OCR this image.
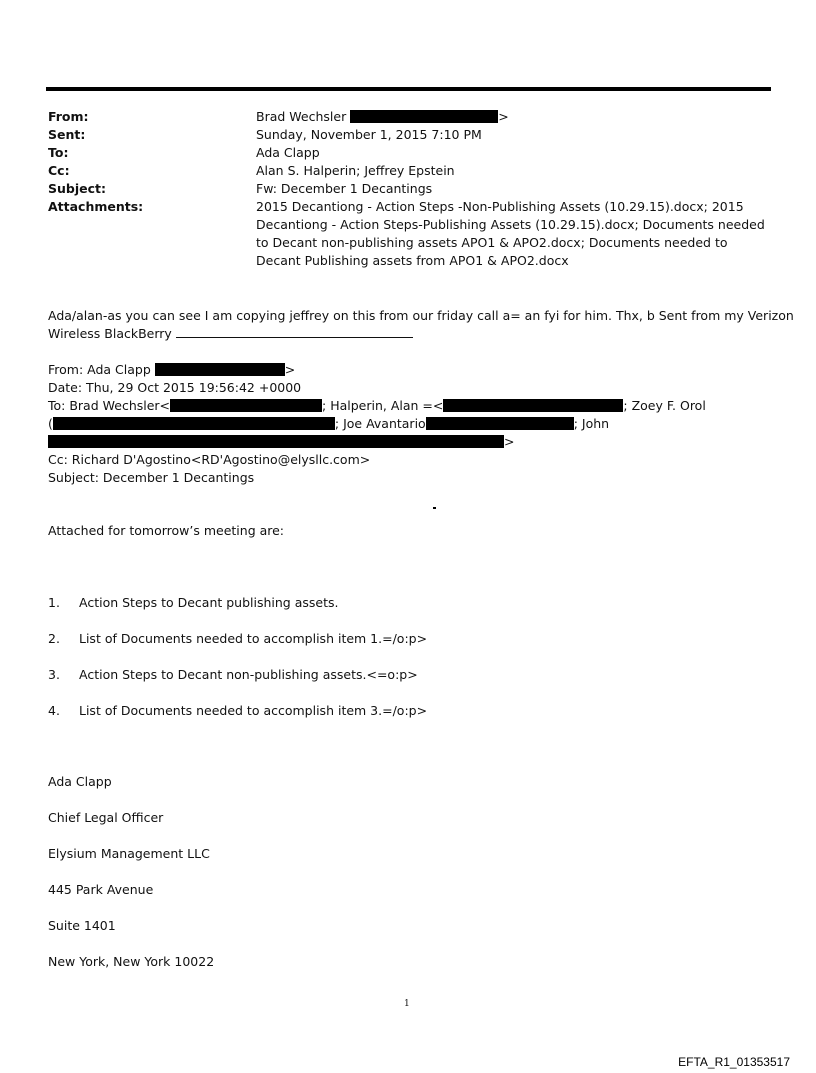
From:	Brad Wechsler	>
Sent:	Sunday, November 1, 2015 7:10 PM
To:	Ada Clapp
Cc:	Alan S. Halperin; Jeffrey Epstein
Subject:	Fw: December 1 Decantings
Attachments:	2015 Decantiong - Action Steps -Non-Publishing Assets (10.29.15).docx; 2015 Decantiong - Action Steps-Publishing Assets (10.29.15).docx; Documents needed to Decant non-publishing assets APO1 & APO2.docx; Documents needed to Decant Publishing assets from APO1 & APO2.docx
Ada/alan-as you can see I am copying jeffrey on this from our friday call a= an fyi for him. Thx, b Sent from my Verizon
Wireless BlackBerry
From: Ada Clapp	>
Date: Thu, 29 Oct 2015 19:56:42 +0000
To: Brad Wechsler<	; Halperin, Alan =<	; Zoey F. Orol
(	; Joe Avantario	; John
>
Cc: Richard D'Agostino<RD'Agostino@elysllc.com>
Subject: December 1 Decantings
Attached for tomorrow’s meeting are:
1. Action Steps to Decant publishing assets.
2. List of Documents needed to accomplish item 1.=/o:p>
3. Action Steps to Decant non-publishing assets.<=o:p>
4. List of Documents needed to accomplish item 3.=/o:p>
Ada Clapp
Chief Legal Officer
Elysium Management LLC
445 Park Avenue
Suite 1401
New York, New York 10022
1
EFTA_R1_01353517
